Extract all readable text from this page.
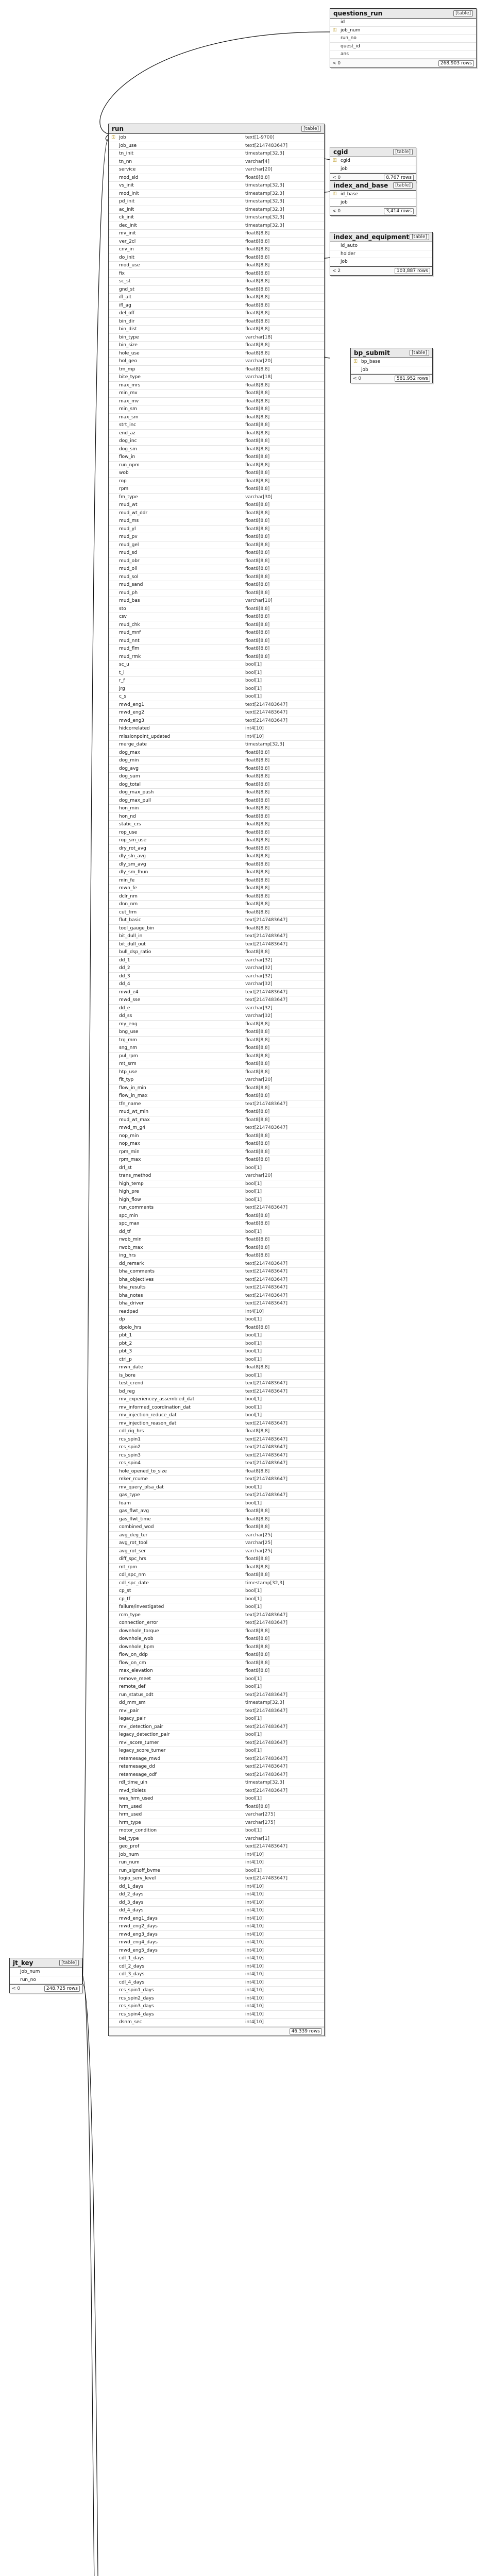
questions_run	[table]
id
⚿ job_num
run_no
quest_id
ans
< 0	268,903 rows
cgid	[table]
⚿ cgid
job
< 0	8,767 rows
index_and_base	[table]
⚿ id_base
job
< 0	3,414 rows
index_and_equipment [table]
id_auto
holder
job
< 2	103,887 rows
bp_submit	[table]
⚿ bp_base
job
< 0	581,952 rows
jt_key	[table]
job_num
run_no
< 0	248,725 rows
run	[table]
⚿ job	text[1-9700]
job_use	text[2147483647]
tn_init	timestamp[32,3]
tn_nn	varchar[4]
service	varchar[20]
mod_sid	float8[8,8]
vs_init	timestamp[32,3]
mod_init	timestamp[32,3]
pd_init	timestamp[32,3]
ac_init	timestamp[32,3]
ck_init	timestamp[32,3]
dec_init	timestamp[32,3]
mv_init	float8[8,8]
ver_2cl	float8[8,8]
cnv_in	float8[8,8]
do_init	float8[8,8]
mod_use	float8[8,8]
fix	float8[8,8]
sc_st	float8[8,8]
gnd_st	float8[8,8]
ifl_alt	float8[8,8]
ifl_ag	float8[8,8]
del_off	float8[8,8]
bin_dir	float8[8,8]
bin_dist	float8[8,8]
bin_type	varchar[18]
bin_size	float8[8,8]
hole_use	float8[8,8]
hol_geo	varchar[20]
tm_mp	float8[8,8]
bite_type	varchar[18]
max_mrs	float8[8,8]
min_mv	float8[8,8]
max_mv	float8[8,8]
min_sm	float8[8,8]
max_sm	float8[8,8]
strt_inc	float8[8,8]
end_az	float8[8,8]
dog_inc	float8[8,8]
dog_sm	float8[8,8]
flow_in	float8[8,8]
run_npm	float8[8,8]
wob	float8[8,8]
rop	float8[8,8]
rpm	float8[8,8]
fm_type	varchar[30]
mud_wt	float8[8,8]
mud_wt_ddr	float8[8,8]
mud_ms	float8[8,8]
mud_yl	float8[8,8]
mud_pv	float8[8,8]
mud_gel	float8[8,8]
mud_sd	float8[8,8]
mud_obr	float8[8,8]
mud_oil	float8[8,8]
mud_sol	float8[8,8]
mud_sand	float8[8,8]
mud_ph	float8[8,8]
mud_bas	varchar[10]
sto	float8[8,8]
csv	float8[8,8]
mud_chk	float8[8,8]
mud_mnf	float8[8,8]
mud_nnt	float8[8,8]
mud_flm	float8[8,8]
mud_rmk	float8[8,8]
sc_u	bool[1]
t_i	bool[1]
r_f	bool[1]
jrg	bool[1]
c_s	bool[1]
mwd_eng1	text[2147483647]
mwd_eng2	text[2147483647]
mwd_eng3	text[2147483647]
hidcorrelated	int4[10]
missionpoint_updated	int4[10]
merge_date	timestamp[32,3]
dog_max	float8[8,8]
dog_min	float8[8,8]
dog_avg	float8[8,8]
dog_sum	float8[8,8]
dog_total	float8[8,8]
dog_max_push	float8[8,8]
dog_max_pull	float8[8,8]
hon_min	float8[8,8]
hon_nd	float8[8,8]
static_crs	float8[8,8]
rop_use	float8[8,8]
rop_sm_use	float8[8,8]
dry_rot_avg	float8[8,8]
dly_sln_avg	float8[8,8]
dly_sm_avg	float8[8,8]
dly_sm_fhun	float8[8,8]
min_fe	float8[8,8]
mwn_fe	float8[8,8]
dclr_nm	float8[8,8]
dnn_nm	float8[8,8]
cut_frm	float8[8,8]
flut_basic	text[2147483647]
tool_gauge_bin	float8[8,8]
bit_dull_in	text[2147483647]
bit_dull_out	text[2147483647]
bull_dsp_ratio	float8[8,8]
dd_1	varchar[32]
dd_2	varchar[32]
dd_3	varchar[32]
dd_4	varchar[32]
mwd_e4	text[2147483647]
mwd_sse	text[2147483647]
dd_e	varchar[32]
dd_ss	varchar[32]
my_eng	float8[8,8]
bng_use	float8[8,8]
trg_mm	float8[8,8]
sng_nm	float8[8,8]
pul_rpm	float8[8,8]
mt_srm	float8[8,8]
htp_use	float8[8,8]
flt_typ	varchar[20]
flow_in_min	float8[8,8]
flow_in_max	float8[8,8]
tfn_name	text[2147483647]
mud_wt_min	float8[8,8]
mud_wt_max	float8[8,8]
mwd_m_g4	text[2147483647]
nop_min	float8[8,8]
nop_max	float8[8,8]
rpm_min	float8[8,8]
rpm_max	float8[8,8]
drl_st	bool[1]
trans_method	varchar[20]
high_temp	bool[1]
high_pre	bool[1]
high_flow	bool[1]
run_comments	text[2147483647]
spc_min	float8[8,8]
spc_max	float8[8,8]
dd_tf	bool[1]
rwob_min	float8[8,8]
rwob_max	float8[8,8]
ing_hrs	float8[8,8]
dd_remark	text[2147483647]
bha_comments	text[2147483647]
bha_objectives	text[2147483647]
bha_results	text[2147483647]
bha_notes	text[2147483647]
bha_driver	text[2147483647]
readpad	int4[10]
dp	bool[1]
dpolo_hrs	float8[8,8]
pbt_1	bool[1]
pbt_2	bool[1]
pbt_3	bool[1]
ctrl_p	bool[1]
mwn_date	float8[8,8]
is_bore	bool[1]
test_crend	text[2147483647]
bd_reg	text[2147483647]
mv_experiencey_assembled_dat	bool[1]
mv_informed_coordination_dat	bool[1]
mv_injection_reduce_dat	bool[1]
mv_injection_reason_dat	text[2147483647]
cdl_rig_hrs	float8[8,8]
rcs_spin1	text[2147483647]
rcs_spin2	text[2147483647]
rcs_spin3	text[2147483647]
rcs_spin4	text[2147483647]
hole_opened_to_size	float8[8,8]
mker_rcume	text[2147483647]
mv_query_plsa_dat	bool[1]
gas_type	text[2147483647]
foam	bool[1]
gas_flwt_avg	float8[8,8]
gas_flwt_time	float8[8,8]
combined_wod	float8[8,8]
avg_deg_ter	varchar[25]
avg_rot_tool	varchar[25]
avg_rot_ser	varchar[25]
diff_spc_hrs	float8[8,8]
mt_rpm	float8[8,8]
cdl_spc_nm	float8[8,8]
cdl_spc_date	timestamp[32,3]
cp_st	bool[1]
cp_tf	bool[1]
failure/investigated	bool[1]
rcm_type	text[2147483647]
connection_error	text[2147483647]
downhole_torque	float8[8,8]
downhole_wob	float8[8,8]
downhole_bpm	float8[8,8]
flow_on_ddp	float8[8,8]
flow_on_cm	float8[8,8]
max_elevation	float8[8,8]
remove_meet	bool[1]
remote_def	bool[1]
run_status_odt	text[2147483647]
dd_mm_sm	timestamp[32,3]
mvi_pair	text[2147483647]
legacy_pair	bool[1]
mvi_detection_pair	text[2147483647]
legacy_detection_pair	bool[1]
mvi_score_turner	text[2147483647]
legacy_score_turner	bool[1]
retemesage_mwd	text[2147483647]
retemesage_dd	text[2147483647]
retemesage_odf	text[2147483647]
rdl_time_uin	timestamp[32,3]
mvd_tiolets	text[2147483647]
was_hrm_used	bool[1]
hrm_used	float8[8,8]
hrm_used	varchar[275]
hrm_type	varchar[275]
motor_condition	bool[1]
bel_type	varchar[1]
geo_prof	text[2147483647]
job_num	int4[10]
run_num	int4[10]
run_signoff_bvme	bool[1]
logio_serv_level	text[2147483647]
dd_1_days	int4[10]
dd_2_days	int4[10]
dd_3_days	int4[10]
dd_4_days	int4[10]
mwd_eng1_days	int4[10]
mwd_eng2_days	int4[10]
mwd_eng3_days	int4[10]
mwd_eng4_days	int4[10]
mwd_eng5_days	int4[10]
cdl_1_days	int4[10]
cdl_2_days	int4[10]
cdl_3_days	int4[10]
cdl_4_days	int4[10]
rcs_spin1_days	int4[10]
rcs_spin2_days	int4[10]
rcs_spin3_days	int4[10]
rcs_spin4_days	int4[10]
dsnm_sec	int4[10]
46,339 rows
